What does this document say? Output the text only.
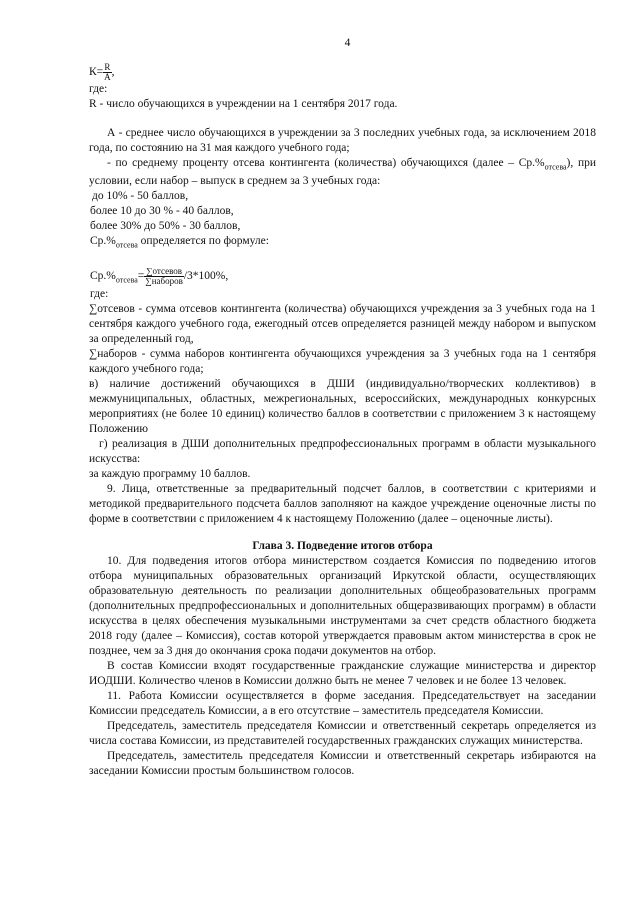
4

$К= \frac{R}{A}$ ,

где:

R - число обучающихся в учреждении на 1 сентября 2017 года.

А - среднее число обучающихся в учреждении за 3 последних учебных года, за исключением 2018 года, по состоянию на 31 мая каждого учебного года;

- по среднему проценту отсева контингента (количества) обучающихся (далее – $Ср.\%_{отсева}$), при условии, если набор – выпуск в среднем за 3 учебных года:

до 10% - 50 баллов,

более 10 до 30 % - 40 баллов,

более 30% до 50% - 30 баллов,

$Ср.\%_{отсева}$ определяется по формуле:

$Ср.\%_{отсева}=$ ∑отсевов
∑наборов /3*100%,

где:

∑отсевов - сумма отсевов контингента (количества) обучающихся учреждения за 3 учебных года на 1 сентября каждого учебного года, ежегодный отсев определяется разницей между набором и выпуском за определенный год,

∑наборов - сумма наборов контингента обучающихся учреждения за 3 учебных года на 1 сентября каждого учебного года;

в) наличие достижений обучающихся в ДШИ (индивидуально/творческих коллективов) в межмуниципальных, областных, межрегиональных, всероссийских, международных конкурсных мероприятиях (не более 10 единиц) количество баллов в соответствии с приложением 3 к настоящему Положению

г) реализация в ДШИ дополнительных предпрофессиональных программ в области музыкального искусства:

за каждую программу 10 баллов.

9. Лица, ответственные за предварительный подсчет баллов, в соответствии с критериями и методикой предварительного подсчета баллов заполняют на каждое учреждение оценочные листы по форме в соответствии с приложением 4 к настоящему Положению (далее – оценочные листы).

Глава 3. Подведение итогов отбора

10. Для подведения итогов отбора министерством создается Комиссия по подведению итогов отбора муниципальных образовательных организаций Иркутской области, осуществляющих образовательную деятельность по реализации дополнительных общеобразовательных программ (дополнительных предпрофессиональных и дополнительных общеразвивающих программ) в области искусства в целях обеспечения музыкальными инструментами за счет средств областного бюджета 2018 году (далее – Комиссия), состав которой утверждается правовым актом министерства в срок не позднее, чем за 3 дня до окончания срока подачи документов на отбор.

В состав Комиссии входят государственные гражданские служащие министерства и директор ИОДШИ. Количество членов в Комиссии должно быть не менее 7 человек и не более 13 человек.

11. Работа Комиссии осуществляется в форме заседания. Председательствует на заседании Комиссии председатель Комиссии, а в его отсутствие – заместитель председателя Комиссии.

Председатель, заместитель председателя Комиссии и ответственный секретарь определяется из числа состава Комиссии, из представителей государственных гражданских служащих министерства.

Председатель, заместитель председателя Комиссии и ответственный секретарь избираются на заседании Комиссии простым большинством голосов.
